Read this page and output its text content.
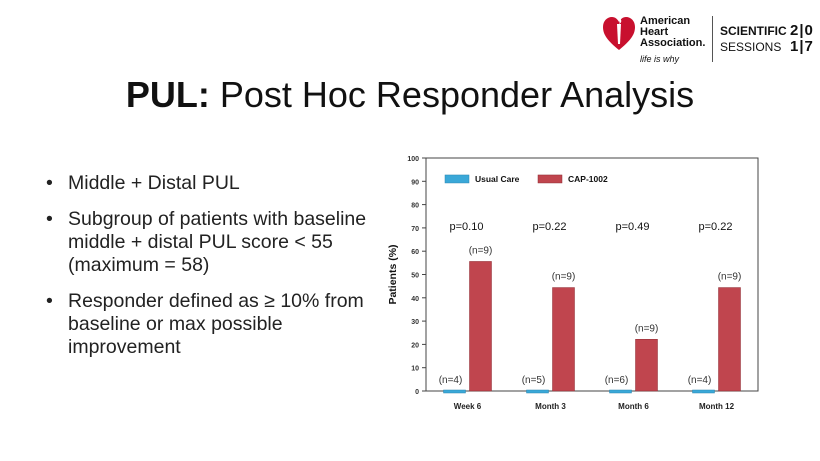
American
Heart
Association.
life is why
SCIENTIFIC
SESSIONS
2|0
1|7
PUL: Post Hoc Responder Analysis
• Middle + Distal PUL
• Subgroup of patients with baseline middle + distal PUL score < 55 (maximum = 58)
• Responder defined as ≥ 10% from baseline or max possible improvement
0
10
20
30
40
50
60
70
80
90
100
Patients (%)
(n=4)
(n=9)
p=0.10
Week 6
(n=5)
(n=9)
p=0.22
Month 3
(n=6)
(n=9)
p=0.49
Month 6
(n=4)
(n=9)
p=0.22
Month 12
Usual Care	CAP-1002
